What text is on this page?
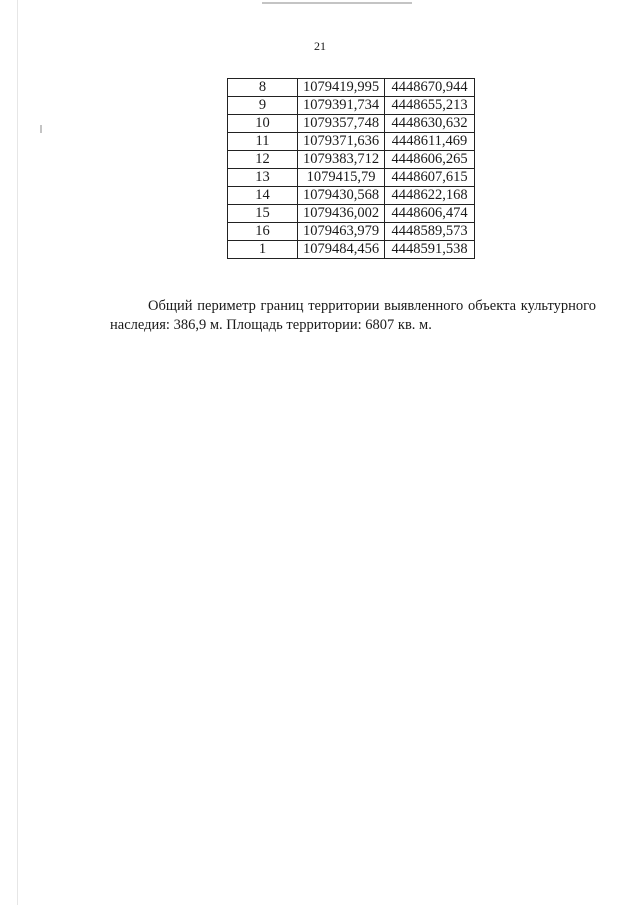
21
8	1079419,995	4448670,944
9	1079391,734	4448655,213
10	1079357,748	4448630,632
11	1079371,636	4448611,469
12	1079383,712	4448606,265
13	1079415,79	4448607,615
14	1079430,568	4448622,168
15	1079436,002	4448606,474
16	1079463,979	4448589,573
1	1079484,456	4448591,538

Общий периметр границ территории выявленного объекта культурного наследия: 386,9 м. Площадь территории: 6807 кв. м.
